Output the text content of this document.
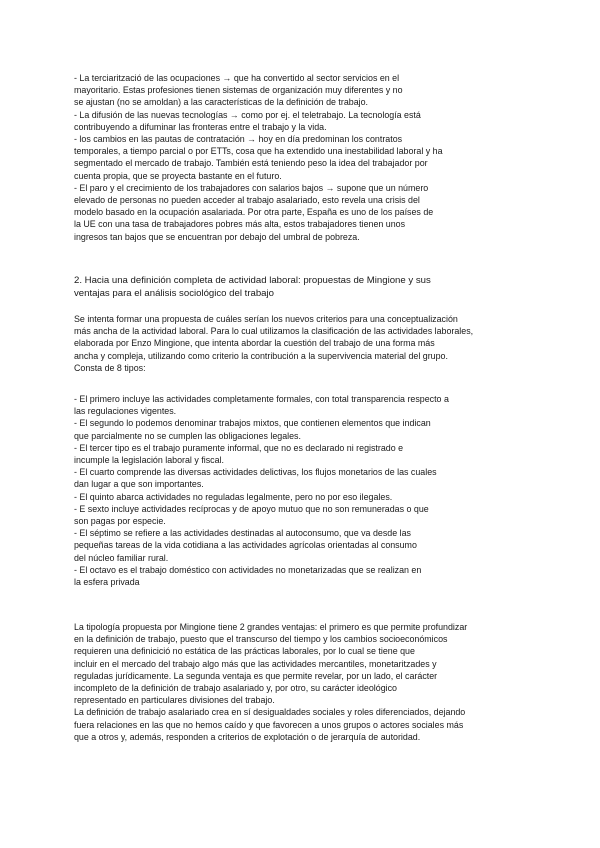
- La terciarització de las ocupaciones → que ha convertido al sector servicios en el
mayoritario. Estas profesiones tienen sistemas de organización muy diferentes y no
se ajustan (no se amoldan) a las características de la definición de trabajo.
- La difusión de las nuevas tecnologías → como por ej. el teletrabajo. La tecnología está
contribuyendo a difuminar las fronteras entre el trabajo y la vida.
- los cambios en las pautas de contratación → hoy en día predominan los contratos
temporales, a tiempo parcial o por ETTs, cosa que ha extendido una inestabilidad laboral y ha
segmentado el mercado de trabajo. También está teniendo peso la idea del trabajador por
cuenta propia, que se proyecta bastante en el futuro.
- El paro y el crecimiento de los trabajadores con salarios bajos → supone que un número
elevado de personas no pueden acceder al trabajo asalariado, esto revela una crisis del
modelo basado en la ocupación asalariada. Por otra parte, España es uno de los países de
la UE con una tasa de trabajadores pobres más alta, estos trabajadores tienen unos
ingresos tan bajos que se encuentran por debajo del umbral de pobreza.
2. Hacia una definición completa de actividad laboral: propuestas de Mingione y sus
ventajas para el análisis sociológico del trabajo
Se intenta formar una propuesta de cuáles serían los nuevos criterios para una conceptualización
más ancha de la actividad laboral. Para lo cual utilizamos la clasificación de las actividades laborales,
elaborada por Enzo Mingione, que intenta abordar la cuestión del trabajo de una forma más
ancha y compleja, utilizando como criterio la contribución a la supervivencia material del grupo.
Consta de 8 tipos:
- El primero incluye las actividades completamente formales, con total transparencia respecto a
las regulaciones vigentes.
- El segundo lo podemos denominar trabajos mixtos, que contienen elementos que indican
que parcialmente no se cumplen las obligaciones legales.
- El tercer tipo es el trabajo puramente informal, que no es declarado ni registrado e
incumple la legislación laboral y fiscal.
- El cuarto comprende las diversas actividades delictivas, los flujos monetarios de las cuales
dan lugar a que son importantes.
- El quinto abarca actividades no reguladas legalmente, pero no por eso ilegales.
- E sexto incluye actividades recíprocas y de apoyo mutuo que no son remuneradas o que
son pagas por especie.
- El séptimo se refiere a las actividades destinadas al autoconsumo, que va desde las
pequeñas tareas de la vida cotidiana a las actividades agrícolas orientadas al consumo
del núcleo familiar rural.
- El octavo es el trabajo doméstico con actividades no monetarizadas que se realizan en
la esfera privada
La tipología propuesta por Mingione tiene 2 grandes ventajas: el primero es que permite profundizar
en la definición de trabajo, puesto que el transcurso del tiempo y los cambios socioeconómicos
requieren una definicició no estática de las prácticas laborales, por lo cual se tiene que
incluir en el mercado del trabajo algo más que las actividades mercantiles, monetaritzades y
reguladas jurídicamente. La segunda ventaja es que permite revelar, por un lado, el carácter
incompleto de la definición de trabajo asalariado y, por otro, su carácter ideológico
representado en particulares divisiones del trabajo.
La definición de trabajo asalariado crea en sí desigualdades sociales y roles diferenciados, dejando
fuera relaciones en las que no hemos caído y que favorecen a unos grupos o actores sociales más
que a otros y, además, responden a criterios de explotación o de jerarquía de autoridad.
